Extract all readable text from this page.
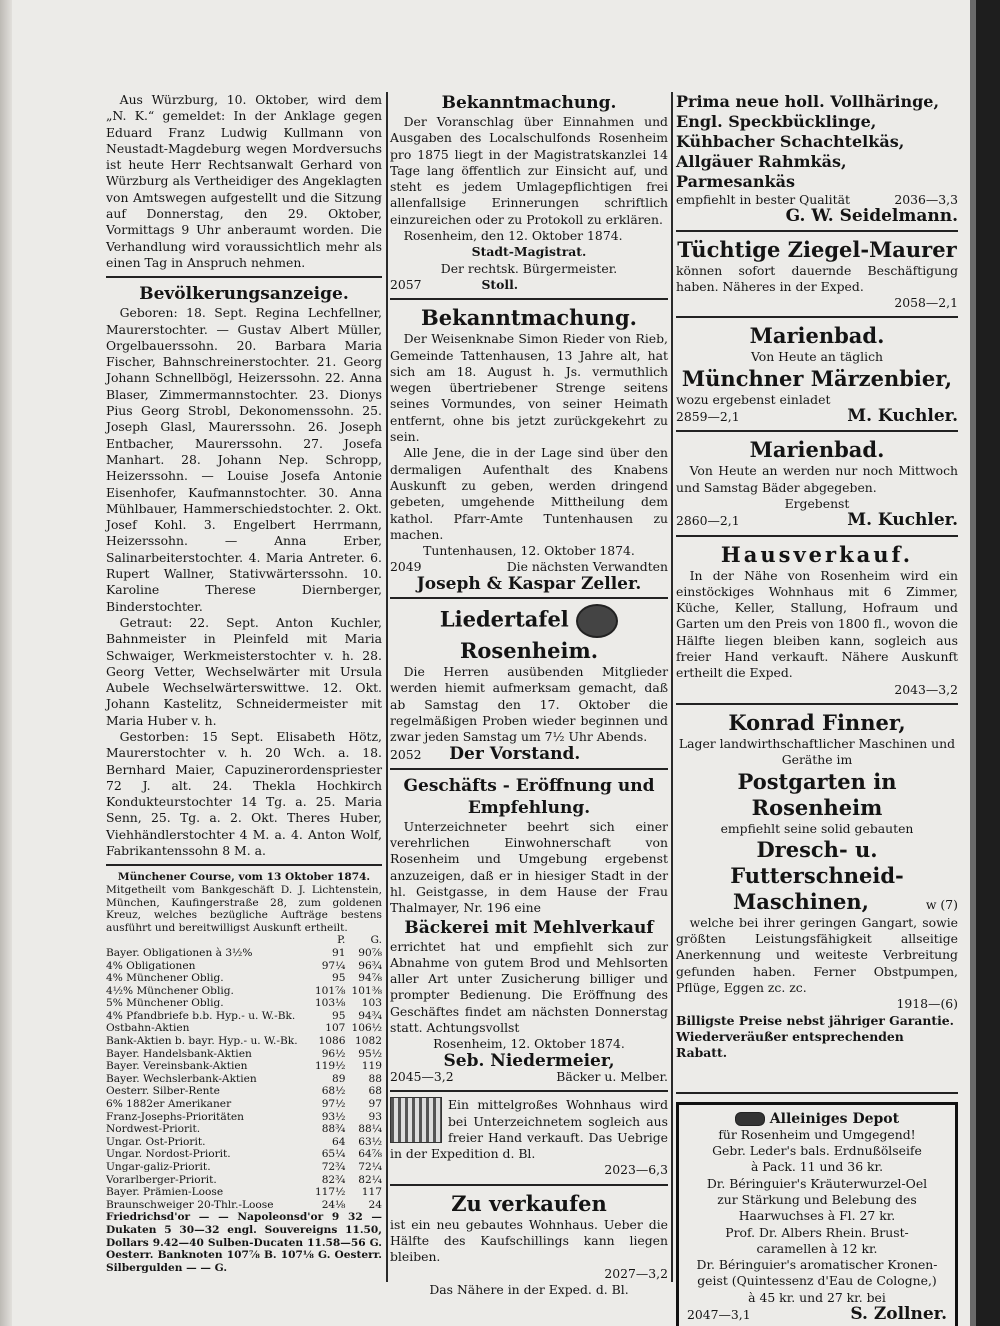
Aus Würzburg, 10. Oktober, wird dem „N. K.“ gemeldet: In der Anklage gegen Eduard Franz Ludwig Kullmann von Neustadt-Magdeburg wegen Mordversuchs ist heute Herr Rechtsanwalt Gerhard von Würzburg als Vertheidiger des Angeklagten von Amtswegen aufgestellt und die Sitzung auf Donnerstag, den 29. Oktober, Vormittags 9 Uhr anberaumt worden. Die Verhandlung wird voraussichtlich mehr als einen Tag in Anspruch nehmen.

Bevölkerungsanzeige.

Geboren: 18. Sept. Regina Lechfellner, Maurerstochter. — Gustav Albert Müller, Orgelbauerssohn. 20. Barbara Maria Fischer, Bahnschreinerstochter. 21. Georg Johann Schnellbögl, Heizerssohn. 22. Anna Blaser, Zimmermannstochter. 23. Dionys Pius Georg Strobl, Dekonomenssohn. 25. Joseph Glasl, Maurerssohn. 26. Joseph Entbacher, Maurerssohn. 27. Josefa Manhart. 28. Johann Nep. Schropp, Heizerssohn. — Louise Josefa Antonie Eisenhofer, Kaufmannstochter. 30. Anna Mühlbauer, Hammerschiedstochter. 2. Okt. Josef Kohl. 3. Engelbert Herrmann, Heizerssohn. — Anna Erber, Salinarbeiterstochter. 4. Maria Antreter. 6. Rupert Wallner, Stativwärterssohn. 10. Karoline Therese Diernberger, Binderstochter.

Getraut: 22. Sept. Anton Kuchler, Bahnmeister in Pleinfeld mit Maria Schwaiger, Werkmeisterstochter v. h. 28. Georg Vetter, Wechselwärter mit Ursula Aubele Wechselwärterswittwe. 12. Okt. Johann Kastelitz, Schneidermeister mit Maria Huber v. h.

Gestorben: 15 Sept. Elisabeth Hötz, Maurerstochter v. h. 20 Wch. a. 18. Bernhard Maier, Capuzinerordenspriester 72 J. alt. 24. Thekla Hochkirch Kondukteurstochter 14 Tg. a. 25. Maria Senn, 25. Tg. a. 2. Okt. Theres Huber, Viehhändlerstochter 4 M. a. 4. Anton Wolf, Fabrikantenssohn 8 M. a.

Münchener Course, vom 13 Oktober 1874.

Mitgetheilt vom Bankgeschäft D. J. Lichtenstein, München, Kaufingerstraße 28, zum goldenen Kreuz, welches bezügliche Aufträge bestens ausführt und bereitwilligst Auskunft ertheilt.

	P.	G.
Bayer. Obligationen à 3½%	91	90⅞
4% Obligationen	97¼	96¾
4% Münchener Oblig.	95	94⅞
4½% Münchener Oblig.	101⅞	101⅜
5% Münchener Oblig.	103⅛	103
4% Pfandbriefe b.b. Hyp.- u. W.-Bk.	95	94¾
Ostbahn-Aktien	107	106½
Bank-Aktien b. bayr. Hyp.- u. W.-Bk.	1086	1082
Bayer. Handelsbank-Aktien	96½	95½
Bayer. Vereinsbank-Aktien	119½	119
Bayer. Wechslerbank-Aktien	89	88
Oesterr. Silber-Rente	68½	68
6% 1882er Amerikaner	97½	97
Franz-Josephs-Prioritäten	93½	93
Nordwest-Priorit.	88¾	88¼
Ungar. Ost-Priorit.	64	63½
Ungar. Nordost-Priorit.	65¼	64⅞
Ungar-galiz-Priorit.	72¾	72¼
Vorarlberger-Priorit.	82¾	82¼
Bayer. Prämien-Loose	117½	117
Braunschweiger 20-Thlr.-Loose	24⅛	24

Friedrichsd'or — — Napoleonsd'or 9 32 — Dukaten 5 30—32 engl. Souvereigns 11.50, Dollars 9.42—40 Sulben-Ducaten 11.58—56 G. Oesterr. Banknoten 107⅞ B. 107⅛ G. Oesterr. Silbergulden — — G.

Bekanntmachung.

Der Voranschlag über Einnahmen und Ausgaben des Localschulfonds Rosenheim pro 1875 liegt in der Magistratskanzlei 14 Tage lang öffentlich zur Einsicht auf, und steht es jedem Umlagepflichtigen frei allenfallsige Erinnerungen schriftlich einzureichen oder zu Protokoll zu erklären.

Rosenheim, den 12. Oktober 1874.

Stadt-Magistrat.
Der rechtsk. Bürgermeister.
2057	Stoll.
Bekanntmachung.

Der Weisenknabe Simon Rieder von Rieb, Gemeinde Tattenhausen, 13 Jahre alt, hat sich am 18. August h. Js. vermuthlich wegen übertriebener Strenge seitens seines Vormundes, von seiner Heimath entfernt, ohne bis jetzt zurückgekehrt zu sein.

Alle Jene, die in der Lage sind über den dermaligen Aufenthalt des Knabens Auskunft zu geben, werden dringend gebeten, umgehende Mittheilung dem kathol. Pfarr-Amte Tuntenhausen zu machen.

Tuntenhausen, 12. Oktober 1874.
2049	Die nächsten Verwandten
Joseph & Kaspar Zeller.
Liedertafel  Rosenheim.

Die Herren ausübenden Mitglieder werden hiemit aufmerksam gemacht, daß ab Samstag den 17. Oktober die regelmäßigen Proben wieder beginnen und zwar jeden Samstag um 7½ Uhr Abends.

2052 Der Vorstand.
Geschäfts - Eröffnung und Empfehlung.

Unterzeichneter beehrt sich einer verehrlichen Einwohnerschaft von Rosenheim und Umgebung ergebenst anzuzeigen, daß er in hiesiger Stadt in der hl. Geistgasse, in dem Hause der Frau Thalmayer, Nr. 196 eine

Bäckerei mit Mehlverkauf

errichtet hat und empfiehlt sich zur Abnahme von gutem Brod und Mehlsorten aller Art unter Zusicherung billiger und prompter Bedienung. Die Eröffnung des Geschäftes findet am nächsten Donnerstag statt. Achtungsvollst

Rosenheim, 12. Oktober 1874.
Seb. Niedermeier,
2045—3,2	Bäcker u. Melber.

Ein mittelgroßes Wohnhaus wird bei Unterzeichnetem sogleich aus freier Hand verkauft. Das Uebrige in der Expedition d. Bl.

2023—6,3
Zu verkaufen

ist ein neu gebautes Wohnhaus. Ueber die Hälfte des Kaufschillings kann liegen bleiben.

2027—3,2
Das Nähere in der Exped. d. Bl.
Prima neue holl. Vollhäringe,
Engl. Speckbücklinge,
Kühbacher Schachtelkäs,
Allgäuer Rahmkäs,
Parmesankäs
empfiehlt in bester Qualität	2036—3,3
G. W. Seidelmann.
Tüchtige Ziegel-Maurer

können sofort dauernde Beschäftigung haben. Näheres in der Exped.

2058—2,1
Marienbad.
Von Heute an täglich
Münchner Märzenbier,
wozu ergebenst einladet
2859—2,1	M. Kuchler.
Marienbad.

Von Heute an werden nur noch Mittwoch und Samstag Bäder abgegeben.

Ergebenst
2860—2,1	M. Kuchler.
Hausverkauf.

In der Nähe von Rosenheim wird ein einstöckiges Wohnhaus mit 6 Zimmer, Küche, Keller, Stallung, Hofraum und Garten um den Preis von 1800 fl., wovon die Hälfte liegen bleiben kann, sogleich aus freier Hand verkauft. Nähere Auskunft ertheilt die Exped.

2043—3,2
Konrad Finner,
Lager landwirthschaftlicher Maschinen und Geräthe im
Postgarten in Rosenheim
empfiehlt seine solid gebauten
Dresch- u. Futterschneid-
Maschinen,	w (7)

welche bei ihrer geringen Gangart, sowie größten Leistungsfähigkeit allseitige Anerkennung und weiteste Verbreitung gefunden haben. Ferner Obstpumpen, Pflüge, Eggen zc. zc.

1918—(6)
Billigste Preise nebst jähriger Garantie.
Wiederveräußer entsprechenden Rabatt.
Alleiniges Depot
für Rosenheim und Umgegend!
Gebr. Leder's bals. Erdnußölseife
à Pack. 11 und 36 kr.
Dr. Béringuier's Kräuterwurzel-Oel
zur Stärkung und Belebung des
Haarwuchses à Fl. 27 kr.
Prof. Dr. Albers Rhein. Brust-
caramellen à 12 kr.
Dr. Béringuier's aromatischer Kronen-
geist (Quintessenz d'Eau de Cologne,)
à 45 kr. und 27 kr. bei
2047—3,1	S. Zollner.
